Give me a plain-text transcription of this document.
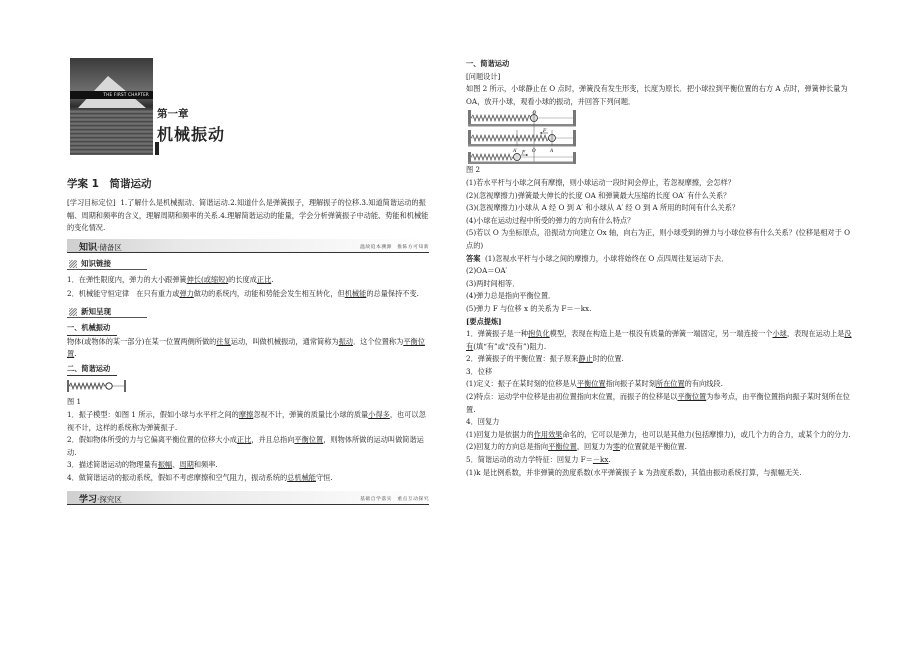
THE FIRST CHAPTER
第一章
机械振动
学案 1　简谐运动
[学习目标定位] 1.了解什么是机械振动、简谐运动.2.知道什么是弹簧振子，理解振子的位移.3.知道简谐运动的振幅、周期和频率的含义，理解周期和频率的关系.4.理解简谐运动的能量，学会分析弹簧振子中动能、势能和机械能的变化情况.
知识·储备区	温故追本溯源　推陈方可知新
知识链接
1．在弹性限度内，弹力的大小跟弹簧伸长(或缩短)的长度成正比.
2．机械能守恒定律　在只有重力或弹力做功的系统内，动能和势能会发生相互转化，但机械能的总量保持不变.
新知呈现
一、机械振动
物体(或物体的某一部分)在某一位置两侧所做的往复运动，叫做机械振动，通常简称为振动．这个位置称为平衡位置.
二、简谐运动
图 1
1．振子模型：如图 1 所示，假如小球与水平杆之间的摩擦忽视不计，弹簧的质量比小球的质量小得多，也可以忽视不计，这样的系统称为弹簧振子.
2．假如物体所受的力与它偏离平衡位置的位移大小成正比，并且总指向平衡位置，则物体所做的运动叫做简谐运动.
3．描述简谐运动的物理量有振幅、周期和频率.
4．做简谐运动的振动系统，假如不考虑摩擦和空气阻力，振动系统的总机械能守恒.
学习·探究区	基础自学落实　重点互动探究
一、简谐运动
[问题设计]
如图 2 所示，小球静止在 O 点时，弹簧没有发生形变，长度为原长．把小球拉到平衡位置的右方 A 点时，弹簧伸长量为 OA，放开小球，观看小球的振动，并回答下列问题．
O
A′	O
F
A
F
图 2
(1)若水平杆与小球之间有摩擦，则小球运动一段时间会停止，若忽视摩擦，会怎样？
(2)(忽视摩擦力)弹簧最大伸长的长度 OA 和弹簧最大压缩的长度 OA′ 有什么关系？
(3)(忽视摩擦力)小球从 A 经 O 到 A′ 和小球从 A′ 经 O 到 A 所用的时间有什么关系？
(4)小球在运动过程中所受的弹力的方向有什么特点？
(5)若以 O 为坐标原点，沿振动方向建立 Ox 轴，向右为正，则小球受到的弹力与小球位移有什么关系？(位移是相对于 O 点的)
答案 (1)忽视水平杆与小球之间的摩擦力，小球将始终在 O 点四周往复运动下去．
(2)OA＝OA′
(3)两时间相等．
(4)弹力总是指向平衡位置．
(5)弹力 F 与位移 x 的关系为 F＝－kx.
[要点提炼]
1．弹簧振子是一种抱负化模型，表现在构造上是一根没有质量的弹簧一端固定，另一端连接一个小球，表现在运动上是没有(填“有”或“没有”)阻力.
2．弹簧振子的平衡位置：振子原来静止时的位置.
3．位移
(1)定义：振子在某时刻的位移是从平衡位置指向振子某时刻所在位置的有向线段.
(2)特点：运动学中位移是由初位置指向末位置，而振子的位移是以平衡位置为参考点，由平衡位置指向振子某时刻所在位置.
4．回复力
(1)回复力是依据力的作用效果命名的，它可以是弹力，也可以是其他力(包括摩擦力)，或几个力的合力，或某个力的分力.
(2)回复力的方向总是指向平衡位置，回复力为零的位置就是平衡位置.
5．简谐运动的动力学特征：回复力 F＝－kx.
(1)k 是比例系数，并非弹簧的劲度系数(水平弹簧振子 k 为劲度系数)，其值由振动系统打算，与振幅无关.
